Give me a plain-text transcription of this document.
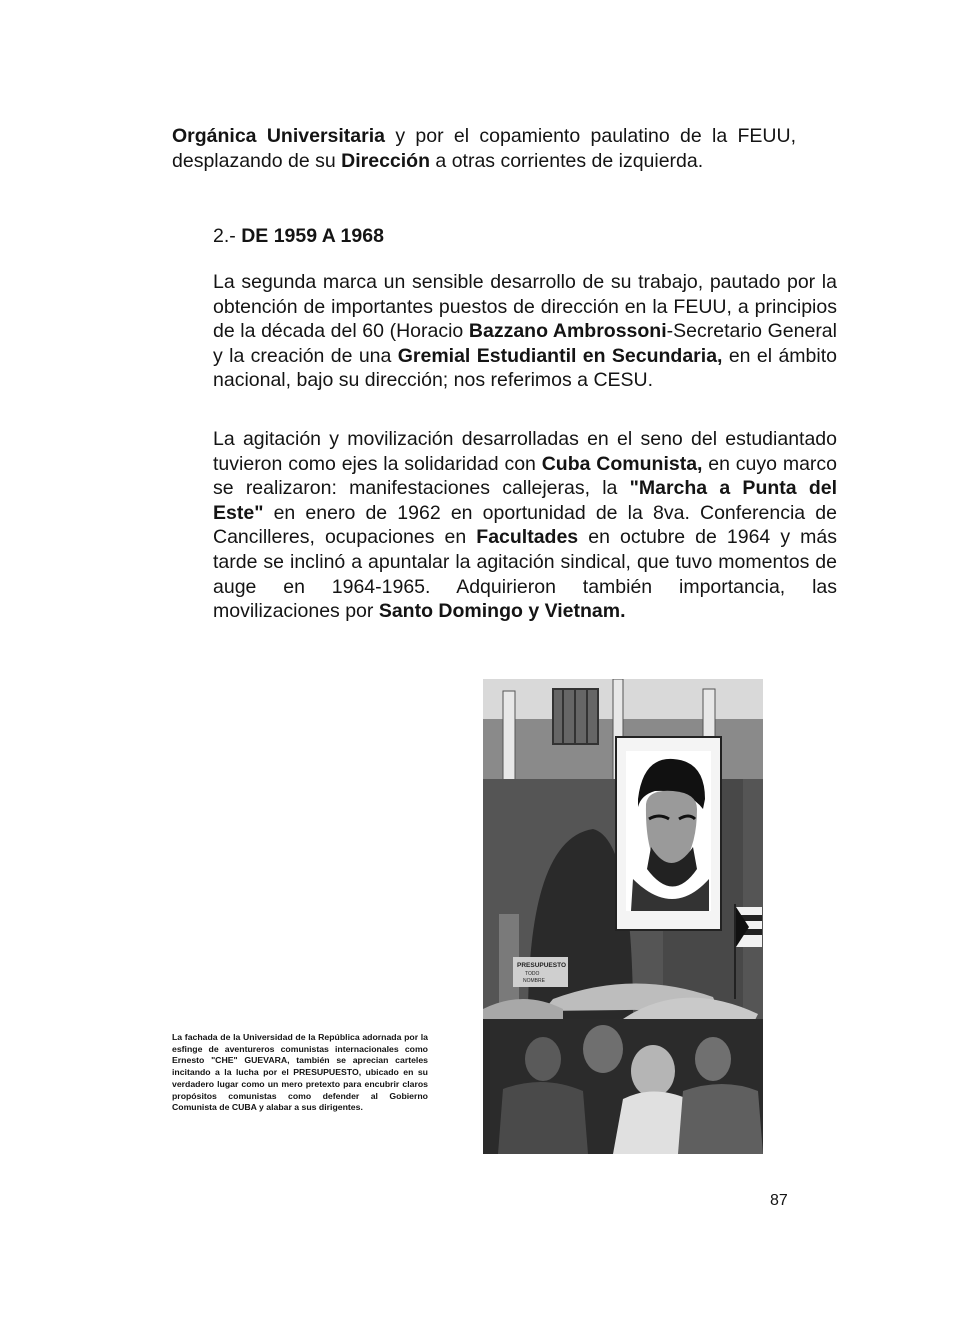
Orgánica Universitaria y por el copamiento paulatino de la FEUU, desplazando de su Dirección a otras corrientes de izquierda.

2.- DE 1959 A 1968

La segunda marca un sensible desarrollo de su trabajo, pautado por la obtención de importantes puestos de dirección en la FEUU, a principios de la década del 60 (Horacio Bazzano Ambrossoni-Secretario General y la creación de una Gremial Estudiantil en Secundaria, en el ámbito nacional, bajo su dirección; nos referimos a CESU.

La agitación y movilización desarrolladas en el seno del estudiantado tuvieron como ejes la solidaridad con Cuba Comunista, en cuyo marco se realizaron: manifestaciones callejeras, la "Marcha a Punta del Este" en enero de 1962 en oportunidad de la 8va. Conferencia de Cancilleres, ocupaciones en Facultades en octubre de 1964 y más tarde se inclinó a apuntalar la agitación sindical, que tuvo momentos de auge en 1964-1965. Adquirieron también importancia, las movilizaciones por Santo Domingo y Vietnam.

PRESUPUESTO
TODO
NOMBRE

La fachada de la Universidad de la República adornada por la esfinge de aventureros comunistas internacionales como Ernesto "CHE" GUEVARA, también se aprecian carteles incitando a la lucha por el PRESUPUESTO, ubicado en su verdadero lugar como un mero pretexto para encubrir claros propósitos comunistas como defender al Gobierno Comunista de CUBA y alabar a sus dirigentes.

87
